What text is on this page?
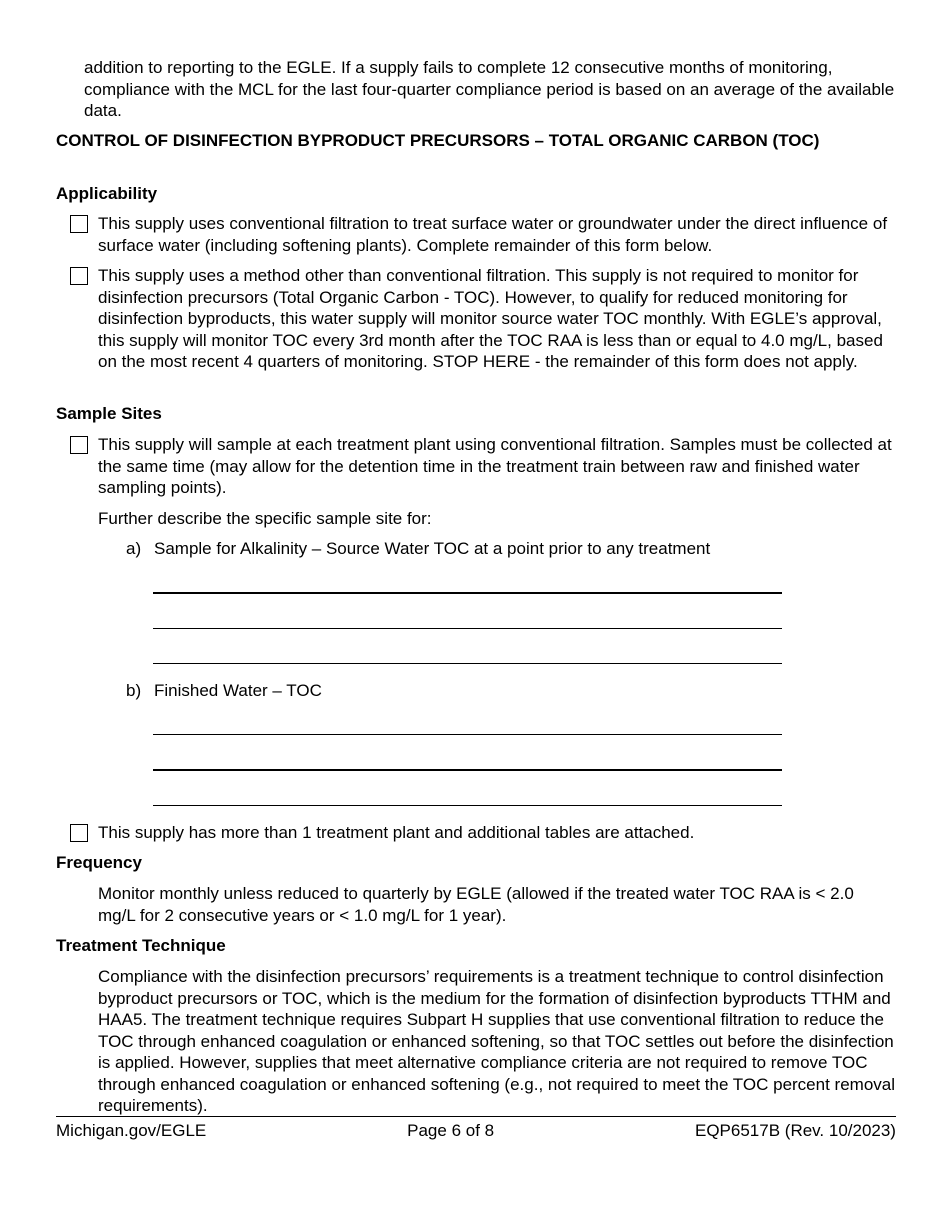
addition to reporting to the EGLE. If a supply fails to complete 12 consecutive months of monitoring, compliance with the MCL for the last four-quarter compliance period is based on an average of the available data.

CONTROL OF DISINFECTION BYPRODUCT PRECURSORS – TOTAL ORGANIC CARBON (TOC)

Applicability

This supply uses conventional filtration to treat surface water or groundwater under the direct influence of surface water (including softening plants). Complete remainder of this form below.
This supply uses a method other than conventional filtration. This supply is not required to monitor for disinfection precursors (Total Organic Carbon - TOC). However, to qualify for reduced monitoring for disinfection byproducts, this water supply will monitor source water TOC monthly. With EGLE’s approval, this supply will monitor TOC every 3rd month after the TOC RAA is less than or equal to 4.0 mg/L, based on the most recent 4 quarters of monitoring. STOP HERE - the remainder of this form does not apply.

Sample Sites

This supply will sample at each treatment plant using conventional filtration. Samples must be collected at the same time (may allow for the detention time in the treatment train between raw and finished water sampling points).

Further describe the specific sample site for:

a) Sample for Alkalinity – Source Water TOC at a point prior to any treatment
b) Finished Water – TOC
This supply has more than 1 treatment plant and additional tables are attached.

Frequency

Monitor monthly unless reduced to quarterly by EGLE (allowed if the treated water TOC RAA is < 2.0 mg/L for 2 consecutive years or < 1.0 mg/L for 1 year).

Treatment Technique

Compliance with the disinfection precursors’ requirements is a treatment technique to control disinfection byproduct precursors or TOC, which is the medium for the formation of disinfection byproducts TTHM and HAA5. The treatment technique requires Subpart H supplies that use conventional filtration to reduce the TOC through enhanced coagulation or enhanced softening, so that TOC settles out before the disinfection is applied. However, supplies that meet alternative compliance criteria are not required to remove TOC through enhanced coagulation or enhanced softening (e.g., not required to meet the TOC percent removal requirements).

Michigan.gov/EGLE	Page 6 of 8	EQP6517B (Rev. 10/2023)
